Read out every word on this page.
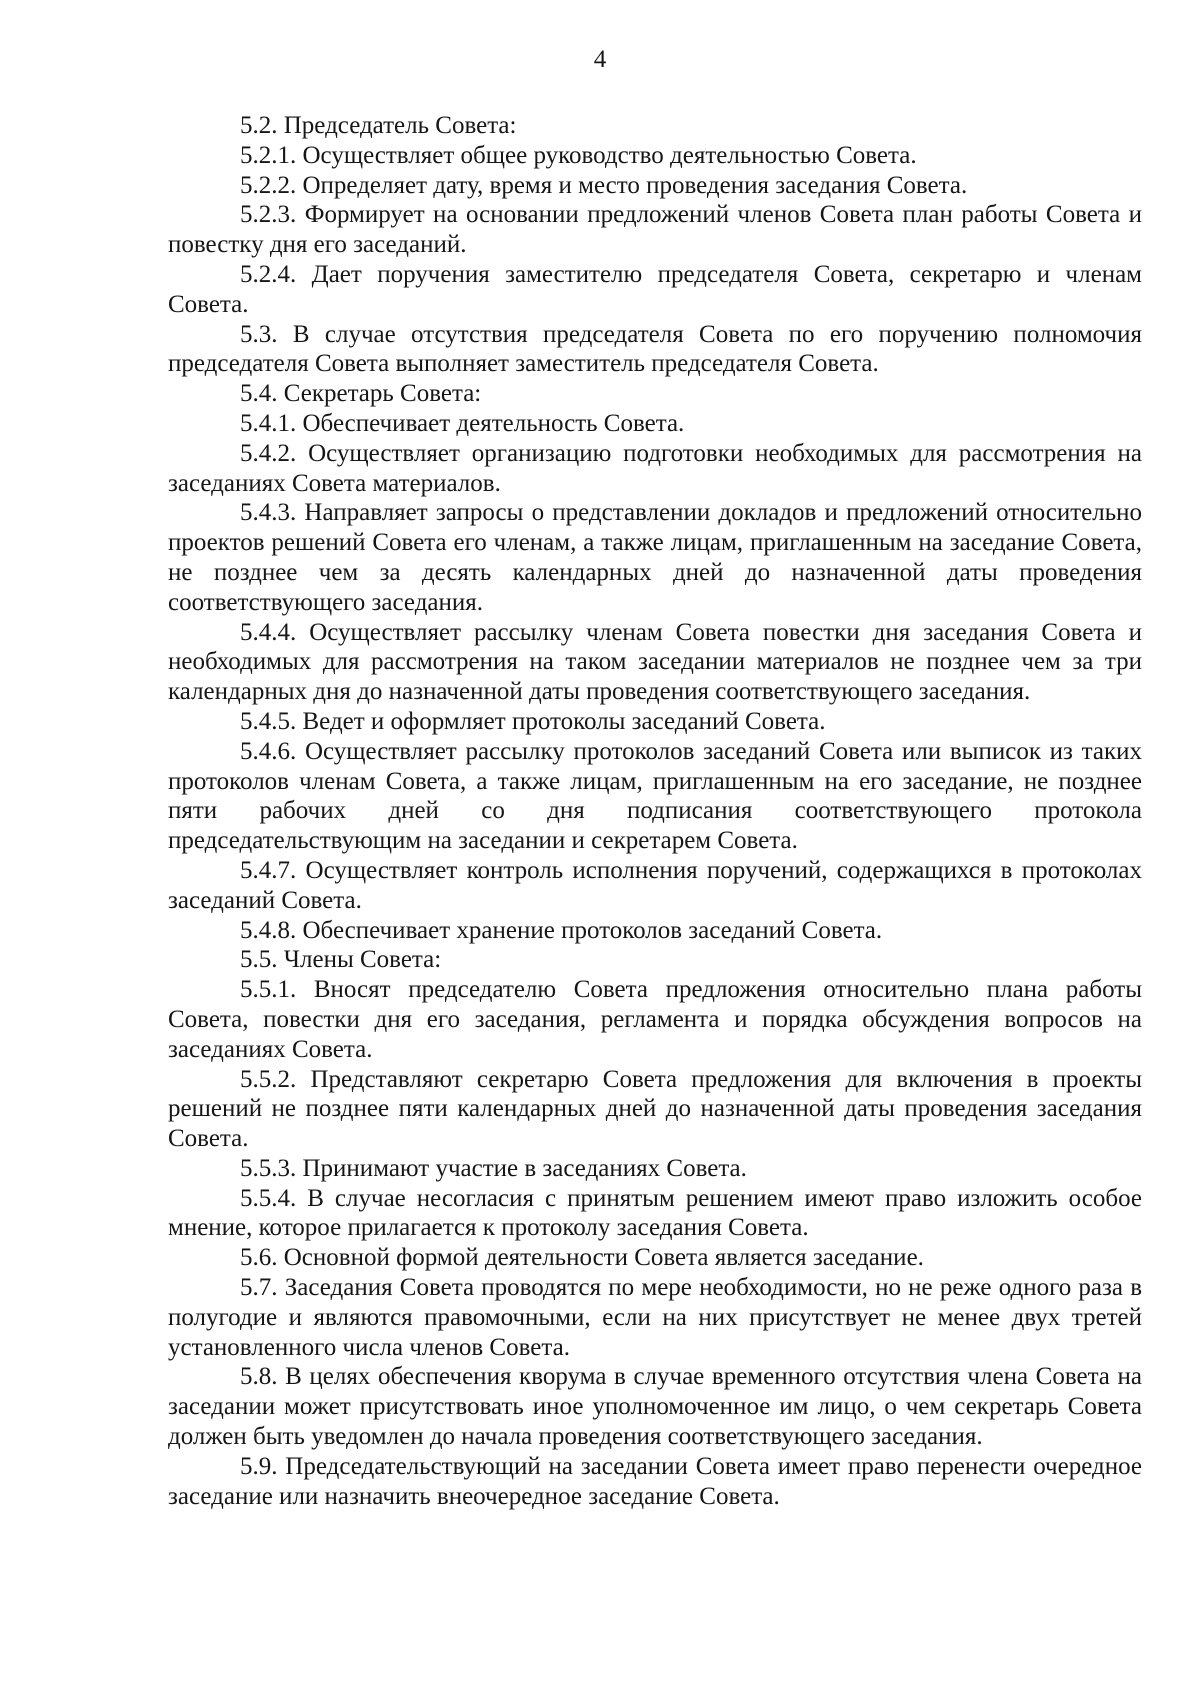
4

5.2. Председатель Совета:

5.2.1. Осуществляет общее руководство деятельностью Совета.

5.2.2. Определяет дату, время и место проведения заседания Совета.

5.2.3. Формирует на основании предложений членов Совета план работы Совета и повестку дня его заседаний.

5.2.4. Дает поручения заместителю председателя Совета, секретарю и членам Совета.

5.3. В случае отсутствия председателя Совета по его поручению полномочия председателя Совета выполняет заместитель председателя Совета.

5.4. Секретарь Совета:

5.4.1. Обеспечивает деятельность Совета.

5.4.2. Осуществляет организацию подготовки необходимых для рассмотрения на заседаниях Совета материалов.

5.4.3. Направляет запросы о представлении докладов и предложений относительно проектов решений Совета его членам, а также лицам, приглашенным на заседание Совета, не позднее чем за десять календарных дней до назначенной даты проведения соответствующего заседания.

5.4.4. Осуществляет рассылку членам Совета повестки дня заседания Совета и необходимых для рассмотрения на таком заседании материалов не позднее чем за три календарных дня до назначенной даты проведения соответствующего заседания.

5.4.5. Ведет и оформляет протоколы заседаний Совета.

5.4.6. Осуществляет рассылку протоколов заседаний Совета или выписок из таких протоколов членам Совета, а также лицам, приглашенным на его заседание, не позднее пяти рабочих дней со дня подписания соответствующего протокола председательствующим на заседании и секретарем Совета.

5.4.7. Осуществляет контроль исполнения поручений, содержащихся в протоколах заседаний Совета.

5.4.8. Обеспечивает хранение протоколов заседаний Совета.

5.5. Члены Совета:

5.5.1. Вносят председателю Совета предложения относительно плана работы Совета, повестки дня его заседания, регламента и порядка обсуждения вопросов на заседаниях Совета.

5.5.2. Представляют секретарю Совета предложения для включения в проекты решений не позднее пяти календарных дней до назначенной даты проведения заседания Совета.

5.5.3. Принимают участие в заседаниях Совета.

5.5.4. В случае несогласия с принятым решением имеют право изложить особое мнение, которое прилагается к протоколу заседания Совета.

5.6. Основной формой деятельности Совета является заседание.

5.7. Заседания Совета проводятся по мере необходимости, но не реже одного раза в полугодие и являются правомочными, если на них присутствует не менее двух третей установленного числа членов Совета.

5.8. В целях обеспечения кворума в случае временного отсутствия члена Совета на заседании может присутствовать иное уполномоченное им лицо, о чем секретарь Совета должен быть уведомлен до начала проведения соответствующего заседания.

5.9. Председательствующий на заседании Совета имеет право перенести очередное заседание или назначить внеочередное заседание Совета.
